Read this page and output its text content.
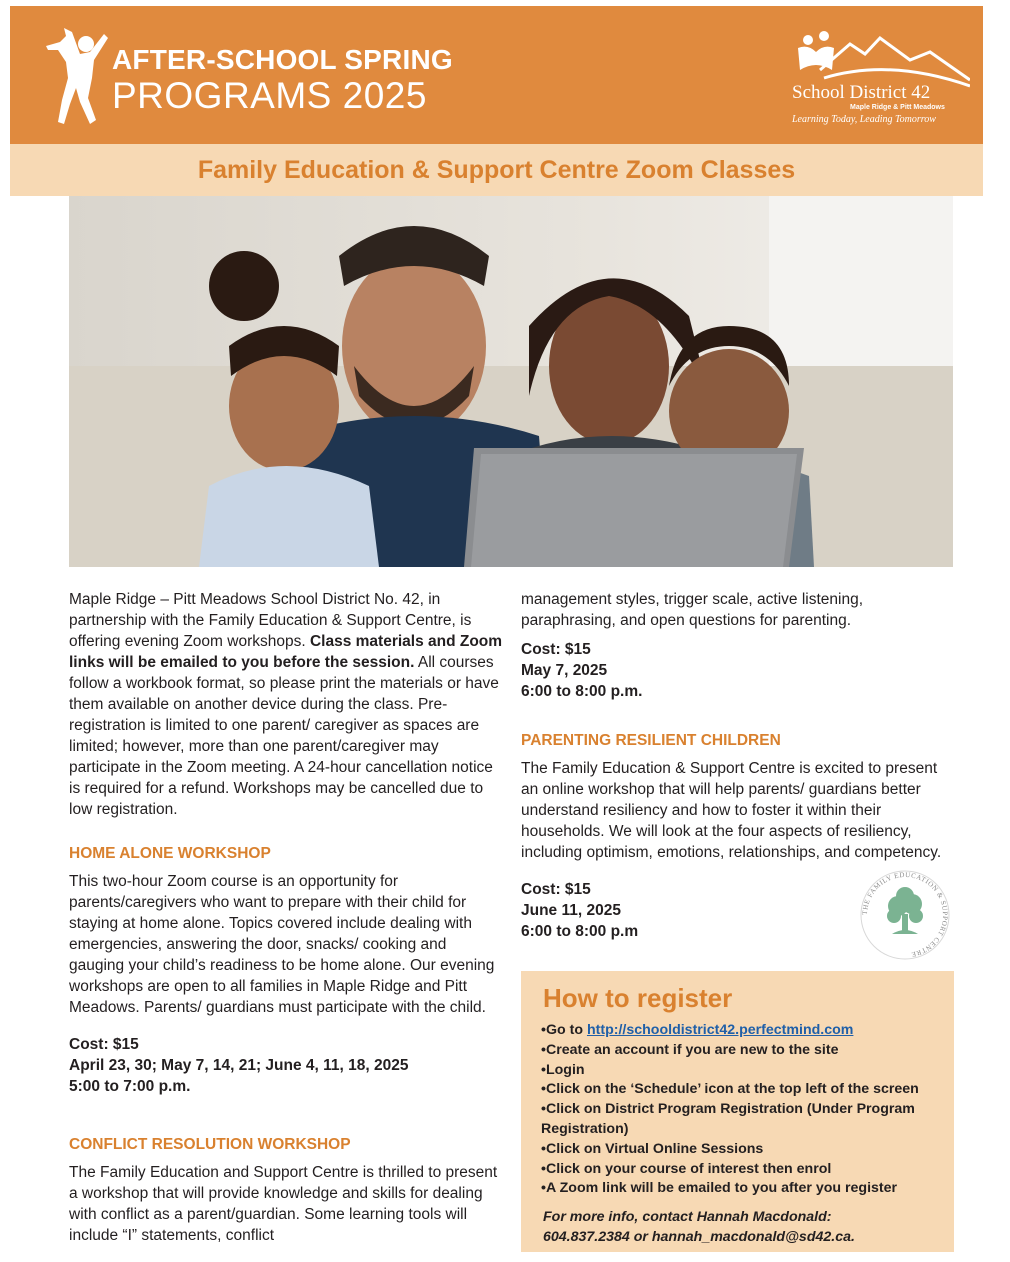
AFTER-SCHOOL SPRING
PROGRAMS 2025	School District 42
Maple Ridge & Pitt Meadows
Learning Today, Leading Tomorrow
Family Education & Support Centre Zoom Classes

Maple Ridge – Pitt Meadows School District No. 42, in partnership with the Family Education & Support Centre, is offering evening Zoom workshops. Class materials and Zoom links will be emailed to you before the session. All courses follow a workbook format, so please print the materials or have them available on another device during the class. Pre-registration is limited to one parent/ caregiver as spaces are limited; however, more than one parent/caregiver may participate in the Zoom meeting. A 24-hour cancellation notice is required for a refund. Workshops may be cancelled due to low registration.

HOME ALONE WORKSHOP

This two-hour Zoom course is an opportunity for parents/caregivers who want to prepare with their child for staying at home alone. Topics covered include dealing with emergencies, answering the door, snacks/ cooking and gauging your child’s readiness to be home alone. Our evening workshops are open to all families in Maple Ridge and Pitt Meadows. Parents/ guardians must participate with the child.

Cost: $15
April 23, 30; May 7, 14, 21; June 4, 11, 18, 2025
5:00 to 7:00 p.m.

CONFLICT RESOLUTION WORKSHOP

The Family Education and Support Centre is thrilled to present a workshop that will provide knowledge and skills for dealing with conflict as a parent/guardian. Some learning tools will include “I” statements, conflict

management styles, trigger scale, active listening, paraphrasing, and open questions for parenting.

Cost: $15
May 7, 2025
6:00 to 8:00 p.m.

PARENTING RESILIENT CHILDREN

The Family Education & Support Centre is excited to present an online workshop that will help parents/ guardians better understand resiliency and how to foster it within their households. We will look at the four aspects of resiliency, including optimism, emotions, relationships, and competency.

Cost: $15
June 11, 2025
6:00 to 8:00 p.m
THE FAMILY EDUCATION & SUPPORT CENTRE
How to register
• Go to http://schooldistrict42.perfectmind.com
• Create an account if you are new to the site
• Login
• Click on the ‘Schedule’ icon at the top left of the screen
• Click on District Program Registration (Under Program Registration)
• Click on Virtual Online Sessions
• Click on your course of interest then enrol
• A Zoom link will be emailed to you after you register
For more info, contact Hannah Macdonald:
604.837.2384 or hannah_macdonald@sd42.ca.
